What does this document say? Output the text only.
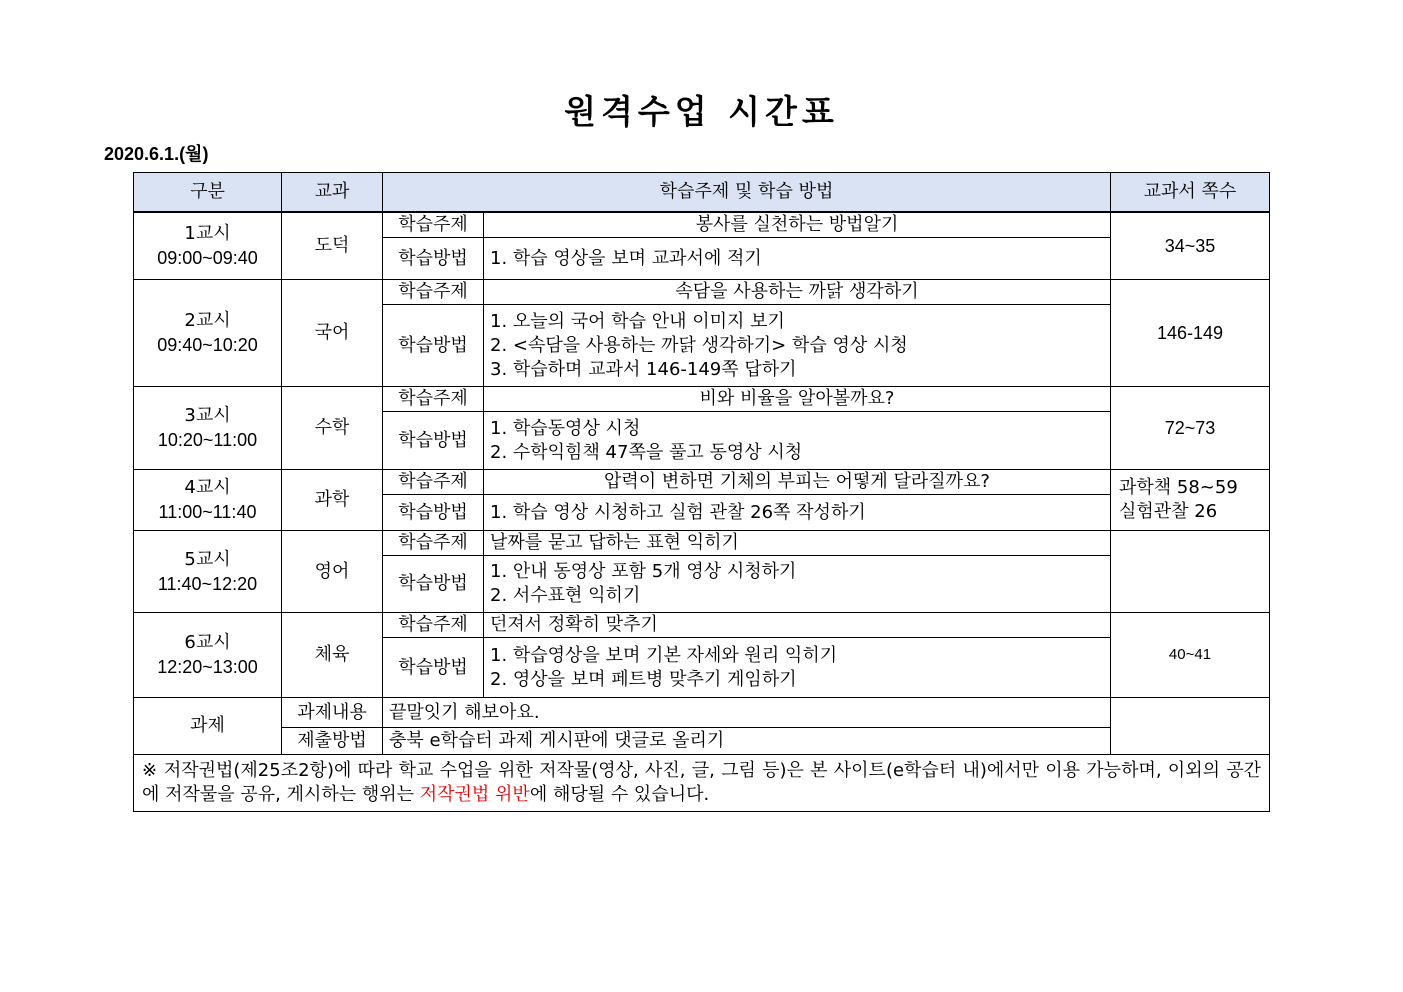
원격수업 시간표
2020.6.1.(월)
구분	교과	학습주제 및 학습 방법		교과서 쪽수

1교시
09:00~09:40	도덕	학습주제	봉사를 실천하는 방법알기	34~35
		학습방법	1. 학습 영상을 보며 교과서에 적기	

2교시
09:40~10:20	국어	학습주제	속담을 사용하는 까닭 생각하기	146-149
		학습방법	1. 오늘의 국어 학습 안내 이미지 보기
2. <속담을 사용하는 까닭 생각하기> 학습 영상 시청
3. 학습하며 교과서 146-149쪽 답하기	

3교시
10:20~11:00	수학	학습주제	비와 비율을 알아볼까요?	72~73
		학습방법	1. 학습동영상 시청
2. 수학익힘책 47쪽을 풀고 동영상 시청	

4교시
11:00~11:40	과학	학습주제	압력이 변하면 기체의 부피는 어떻게 달라질까요?	과학책 58~59
실험관찰 26

		학습방법	1. 학습 영상 시청하고 실험 관찰 26쪽 작성하기	

5교시
11:40~12:20	영어	학습주제	날짜를 묻고 답하는 표현 익히기	
		학습방법	1. 안내 동영상 포함 5개 영상 시청하기
2. 서수표현 익히기	

6교시
12:20~13:00	체육	학습주제	던져서 정확히 맞추기	40~41
		학습방법	1. 학습영상을 보며 기본 자세와 원리 익히기
2. 영상을 보며 페트병 맞추기 게임하기	

과제	과제내용	끝말잇기 해보아요.		
	제출방법	충북 e학습터 과제 게시판에 댓글로 올리기		
※ 저작권법(제25조2항)에 따라 학교 수업을 위한 저작물(영상, 사진, 글, 그림 등)은 본 사이트(e학습터 내)에서만 이용 가능하며, 이외의 공간에 저작물을 공유, 게시하는 행위는 저작권법 위반에 해당될 수 있습니다.				
